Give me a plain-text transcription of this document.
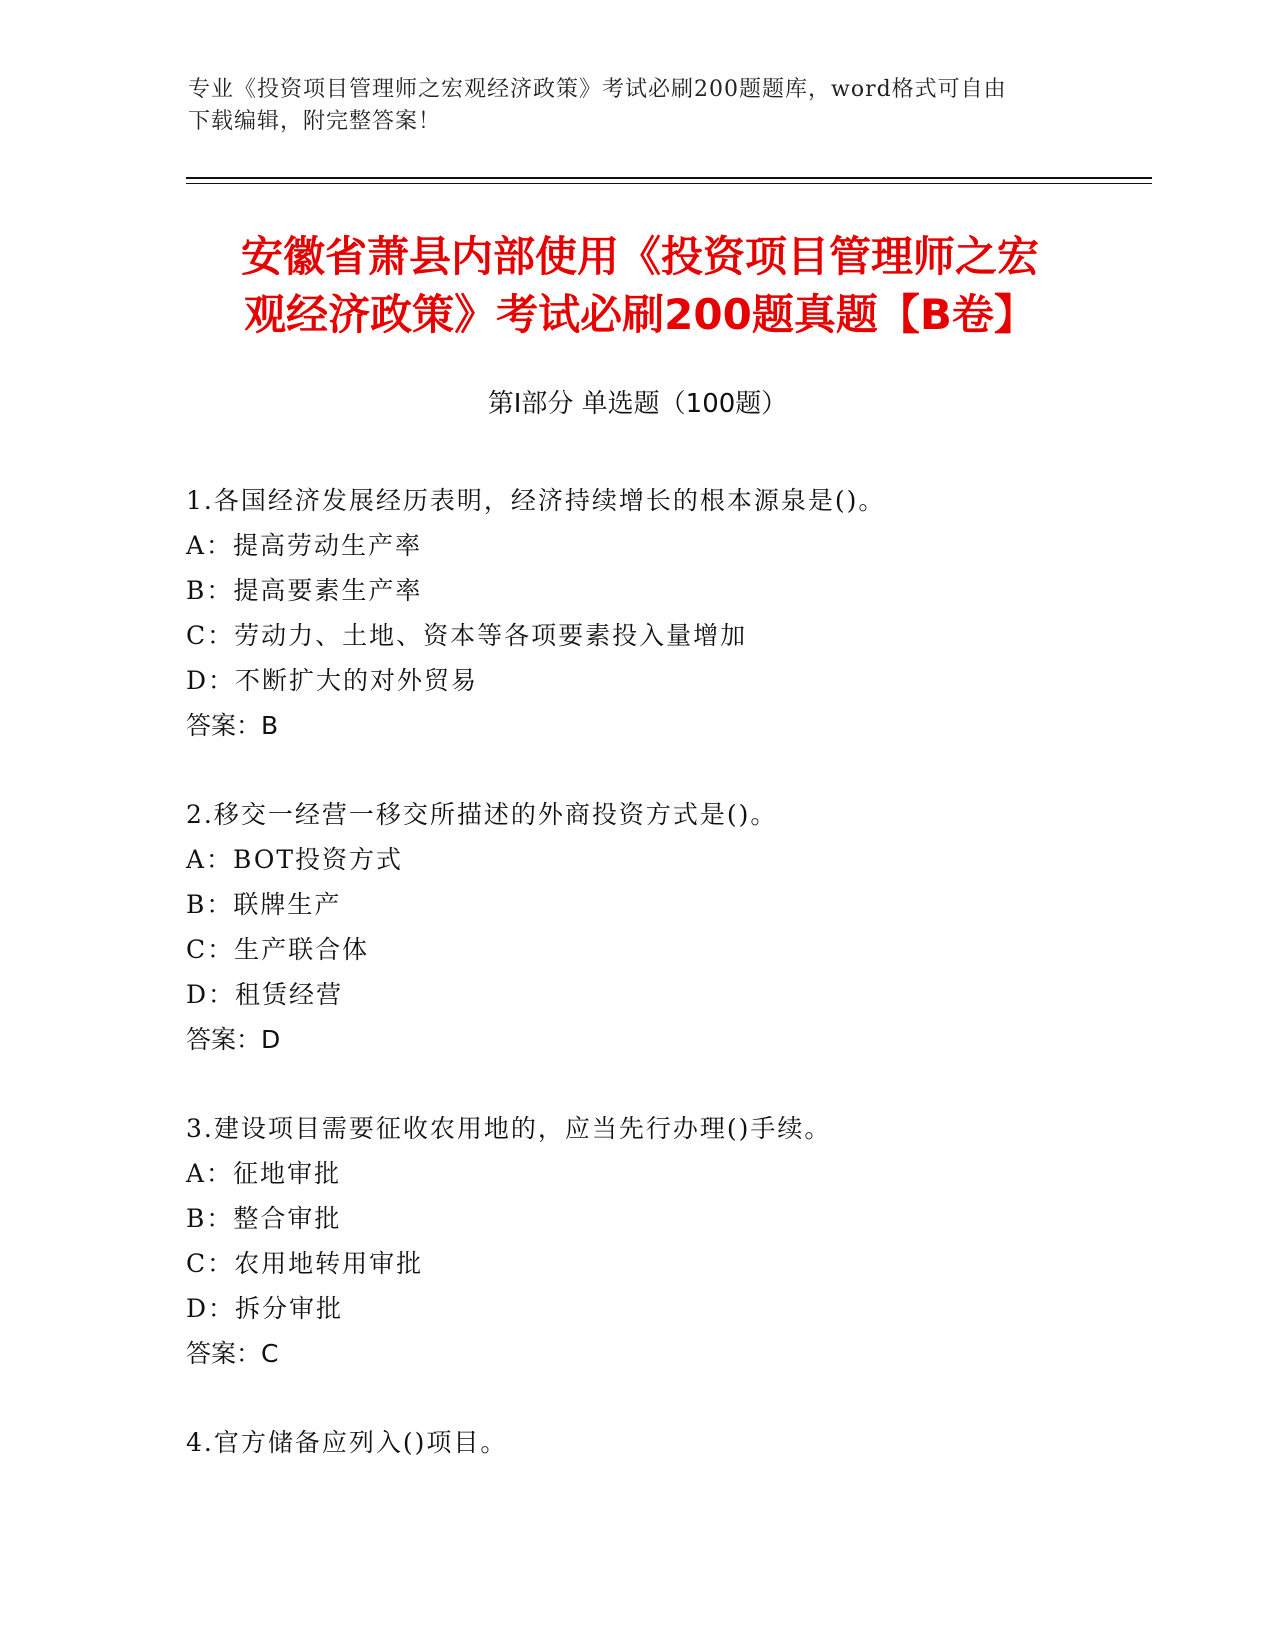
专业《投资项目管理师之宏观经济政策》考试必刷200题题库，word格式可自由
下载编辑，附完整答案！
安徽省萧县内部使用《投资项目管理师之宏
观经济政策》考试必刷200题真题【B卷】
第Ⅰ部分 单选题（100题）
1.各国经济发展经历表明，经济持续增长的根本源泉是()。
A：提高劳动生产率
B：提高要素生产率
C：劳动力、土地、资本等各项要素投入量增加
D：不断扩大的对外贸易
答案：B
2.移交一经营一移交所描述的外商投资方式是()。
A：BOT投资方式
B：联牌生产
C：生产联合体
D：租赁经营
答案：D
3.建设项目需要征收农用地的，应当先行办理()手续。
A：征地审批
B：整合审批
C：农用地转用审批
D：拆分审批
答案：C
4.官方储备应列入()项目。
